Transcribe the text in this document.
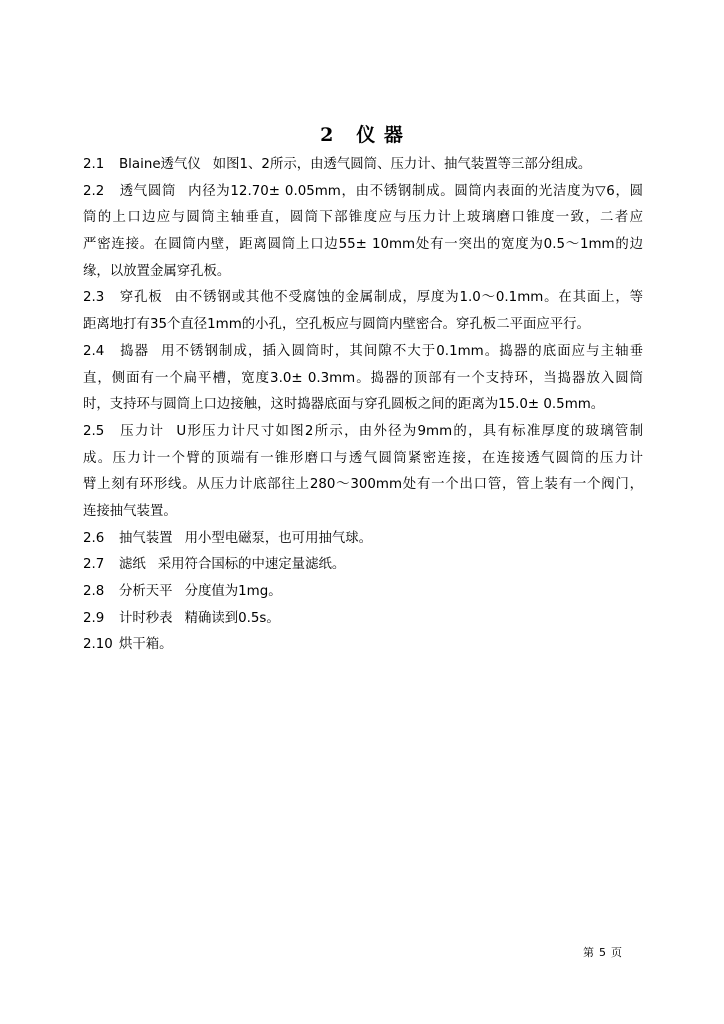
2 仪 器
2.1 Blaine透气仪 如图1、2所示，由透气圆筒、压力计、抽气装置等三部分组成。
2.2 透气圆筒 内径为12.70± 0.05mm，由不锈钢制成。圆筒内表面的光洁度为▽6，圆
筒的上口边应与圆筒主轴垂直，圆筒下部锥度应与压力计上玻璃磨口锥度一致，二者应
严密连接。在圆筒内壁，距离圆筒上口边55± 10mm处有一突出的宽度为0.5～1mm的边
缘，以放置金属穿孔板。
2.3 穿孔板 由不锈钢或其他不受腐蚀的金属制成，厚度为1.0～0.1mm。在其面上，等
距离地打有35个直径1mm的小孔，空孔板应与圆筒内壁密合。穿孔板二平面应平行。
2.4 捣器 用不锈钢制成，插入圆筒时，其间隙不大于0.1mm。捣器的底面应与主轴垂
直，侧面有一个扁平槽，宽度3.0± 0.3mm。捣器的顶部有一个支持环，当捣器放入圆筒
时，支持环与圆筒上口边接触，这时捣器底面与穿孔圆板之间的距离为15.0± 0.5mm。
2.5 压力计 U形压力计尺寸如图2所示，由外径为9mm的，具有标准厚度的玻璃管制
成。压力计一个臂的顶端有一锥形磨口与透气圆筒紧密连接，在连接透气圆筒的压力计
臂上刻有环形线。从压力计底部往上280～300mm处有一个出口管，管上装有一个阀门，
连接抽气装置。
2.6 抽气装置 用小型电磁泵，也可用抽气球。
2.7 滤纸 采用符合国标的中速定量滤纸。
2.8 分析天平 分度值为1mg。
2.9 计时秒表 精确读到0.5s。
2.10 烘干箱。
第 5 页
